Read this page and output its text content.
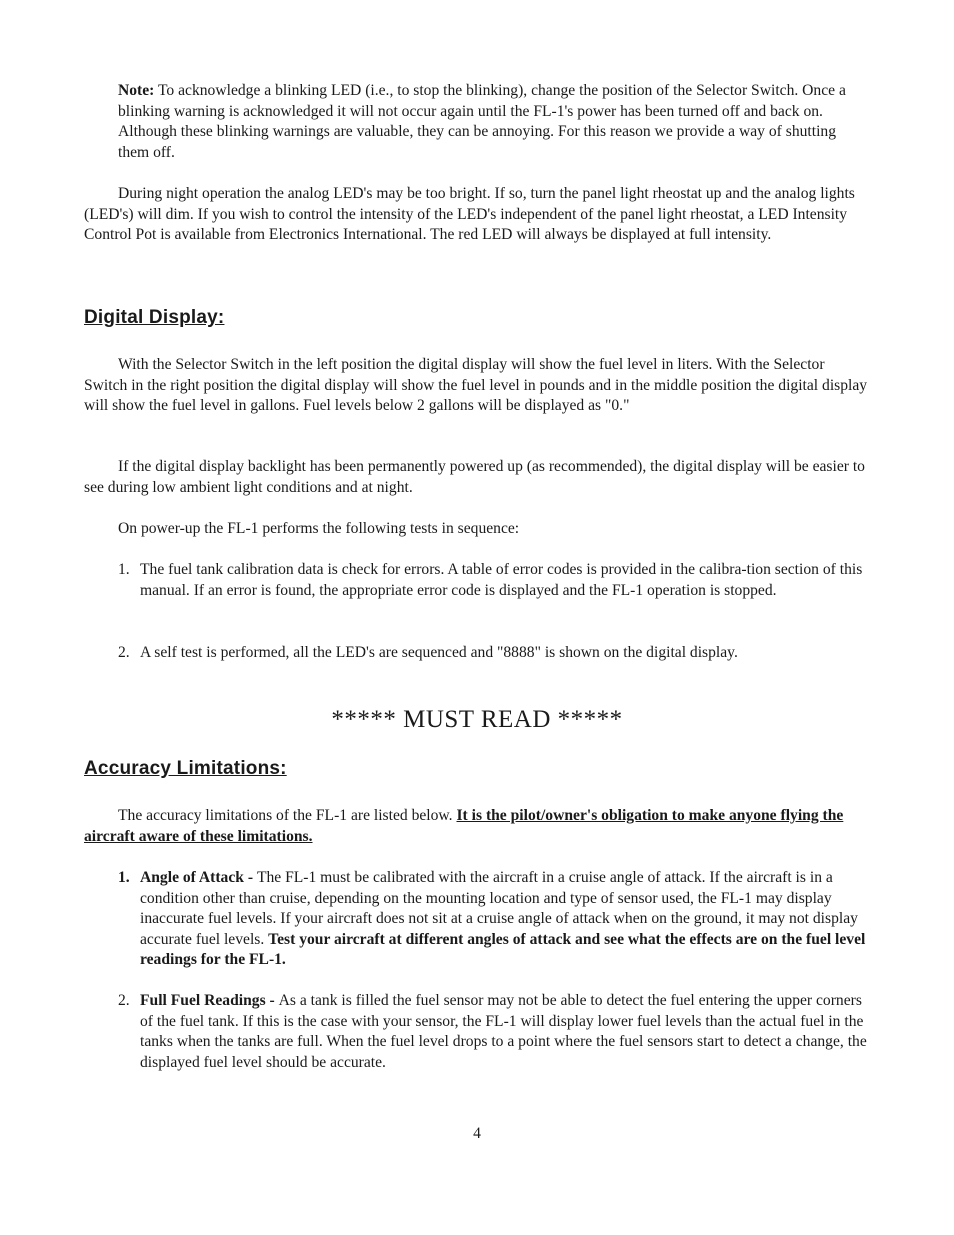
Note: To acknowledge a blinking LED (i.e., to stop the blinking), change the position of the Selector Switch. Once a blinking warning is acknowledged it will not occur again until the FL-1's power has been turned off and back on. Although these blinking warnings are valuable, they can be annoying. For this reason we provide a way of shutting them off.
During night operation the analog LED's may be too bright. If so, turn the panel light rheostat up and the analog lights (LED's) will dim. If you wish to control the intensity of the LED's independent of the panel light rheostat, a LED Intensity Control Pot is available from Electronics International. The red LED will always be displayed at full intensity.
Digital Display:
With the Selector Switch in the left position the digital display will show the fuel level in liters. With the Selector Switch in the right position the digital display will show the fuel level in pounds and in the middle position the digital display will show the fuel level in gallons. Fuel levels below 2 gallons will be displayed as "0."
If the digital display backlight has been permanently powered up (as recommended), the digital display will be easier to see during low ambient light conditions and at night.
On power-up the FL-1 performs the following tests in sequence:
1. The fuel tank calibration data is check for errors. A table of error codes is provided in the calibra-tion section of this manual. If an error is found, the appropriate error code is displayed and the FL-1 operation is stopped.
2. A self test is performed, all the LED's are sequenced and "8888" is shown on the digital display.
***** MUST READ *****
Accuracy Limitations:
The accuracy limitations of the FL-1 are listed below. It is the pilot/owner's obligation to make anyone flying the aircraft aware of these limitations.
1. Angle of Attack - The FL-1 must be calibrated with the aircraft in a cruise angle of attack. If the aircraft is in a condition other than cruise, depending on the mounting location and type of sensor used, the FL-1 may display inaccurate fuel levels. If your aircraft does not sit at a cruise angle of attack when on the ground, it may not display accurate fuel levels. Test your aircraft at different angles of attack and see what the effects are on the fuel level readings for the FL-1.
2. Full Fuel Readings - As a tank is filled the fuel sensor may not be able to detect the fuel entering the upper corners of the fuel tank. If this is the case with your sensor, the FL-1 will display lower fuel levels than the actual fuel in the tanks when the tanks are full. When the fuel level drops to a point where the fuel sensors start to detect a change, the displayed fuel level should be accurate.
4
